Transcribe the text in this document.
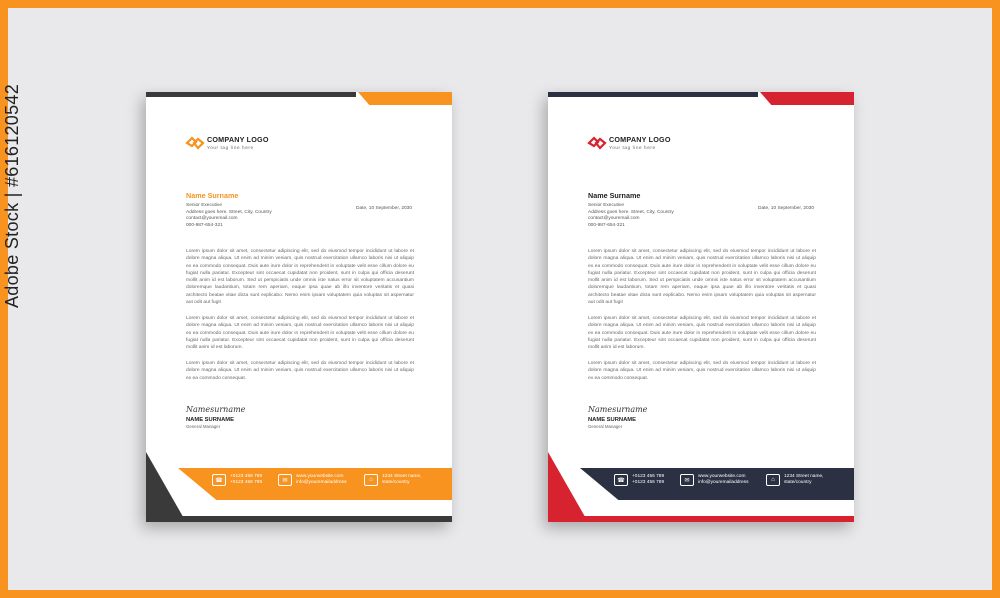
Adobe Stock | #616120542	COMPANY LOGO
Your tag line here
Name Surname
Senior Executive
Address goes here. Street, City, Country
contact@youremail.com
000-987-654-321
Date, 10 September, 2030

Lorem ipsum dolor sit amet, consectetur adipiscing elit, sed do eiusmod tempor incididunt ut labore et dolore magna aliqua. Ut enim ad minim veniam, quis nostrud exercitation ullamco laboris nisi ut aliquip ex ea commodo consequat. Duis aute irure dolor in reprehenderit in voluptate velit esse cillum dolore eu fugiat nulla pariatur. Excepteur sint occaecat cupidatat non proident, sunt in culpa qui officia deserunt mollit anim id est laborum. Sed ut perspiciatis unde omnis iste natus error sit voluptatem accusantium doloremque laudantium, totam rem aperiam, eaque ipsa quae ab illo inventore veritatis et quasi architecto beatae vitae dicta sunt explicabo. Nemo enim ipsam voluptatem quia voluptas sit aspernatur aut odit aut fugit

Lorem ipsum dolor sit amet, consectetur adipiscing elit, sed do eiusmod tempor incididunt ut labore et dolore magna aliqua. Ut enim ad minim veniam, quis nostrud exercitation ullamco laboris nisi ut aliquip ex ea commodo consequat. Duis aute irure dolor in reprehenderit in voluptate velit esse cillum dolore eu fugiat nulla pariatur. Excepteur sint occaecat cupidatat non proident, sunt in culpa qui officia deserunt mollit anim id est laborum.

Lorem ipsum dolor sit amet, consectetur adipiscing elit, sed do eiusmod tempor incididunt ut labore et dolore magna aliqua. Ut enim ad minim veniam, quis nostrud exercitation ullamco laboris nisi ut aliquip ex ea commodo consequat.

Namesurname
NAME SURNAME
General Manager
☎
+0123 456 789
+0123 456 789	✉
www.yourwebsite.com
info@youremailaddress	⌂
1234 Street name,
state/country
COMPANY LOGO
Your tag line here
Name Surname
Senior Executive
Address goes here. Street, City, Country
contact@youremail.com
000-987-654-321
Date, 10 September, 2030

Lorem ipsum dolor sit amet, consectetur adipiscing elit, sed do eiusmod tempor incididunt ut labore et dolore magna aliqua. Ut enim ad minim veniam, quis nostrud exercitation ullamco laboris nisi ut aliquip ex ea commodo consequat. Duis aute irure dolor in reprehenderit in voluptate velit esse cillum dolore eu fugiat nulla pariatur. Excepteur sint occaecat cupidatat non proident, sunt in culpa qui officia deserunt mollit anim id est laborum. Sed ut perspiciatis unde omnis iste natus error sit voluptatem accusantium doloremque laudantium, totam rem aperiam, eaque ipsa quae ab illo inventore veritatis et quasi architecto beatae vitae dicta sunt explicabo. Nemo enim ipsam voluptatem quia voluptas sit aspernatur aut odit aut fugit

Lorem ipsum dolor sit amet, consectetur adipiscing elit, sed do eiusmod tempor incididunt ut labore et dolore magna aliqua. Ut enim ad minim veniam, quis nostrud exercitation ullamco laboris nisi ut aliquip ex ea commodo consequat. Duis aute irure dolor in reprehenderit in voluptate velit esse cillum dolore eu fugiat nulla pariatur. Excepteur sint occaecat cupidatat non proident, sunt in culpa qui officia deserunt mollit anim id est laborum.

Lorem ipsum dolor sit amet, consectetur adipiscing elit, sed do eiusmod tempor incididunt ut labore et dolore magna aliqua. Ut enim ad minim veniam, quis nostrud exercitation ullamco laboris nisi ut aliquip ex ea commodo consequat.

Namesurname
NAME SURNAME
General Manager
☎
+0123 456 789
+0123 456 789	✉
www.yourwebsite.com
info@youremailaddress	⌂
1234 Street name,
state/country
